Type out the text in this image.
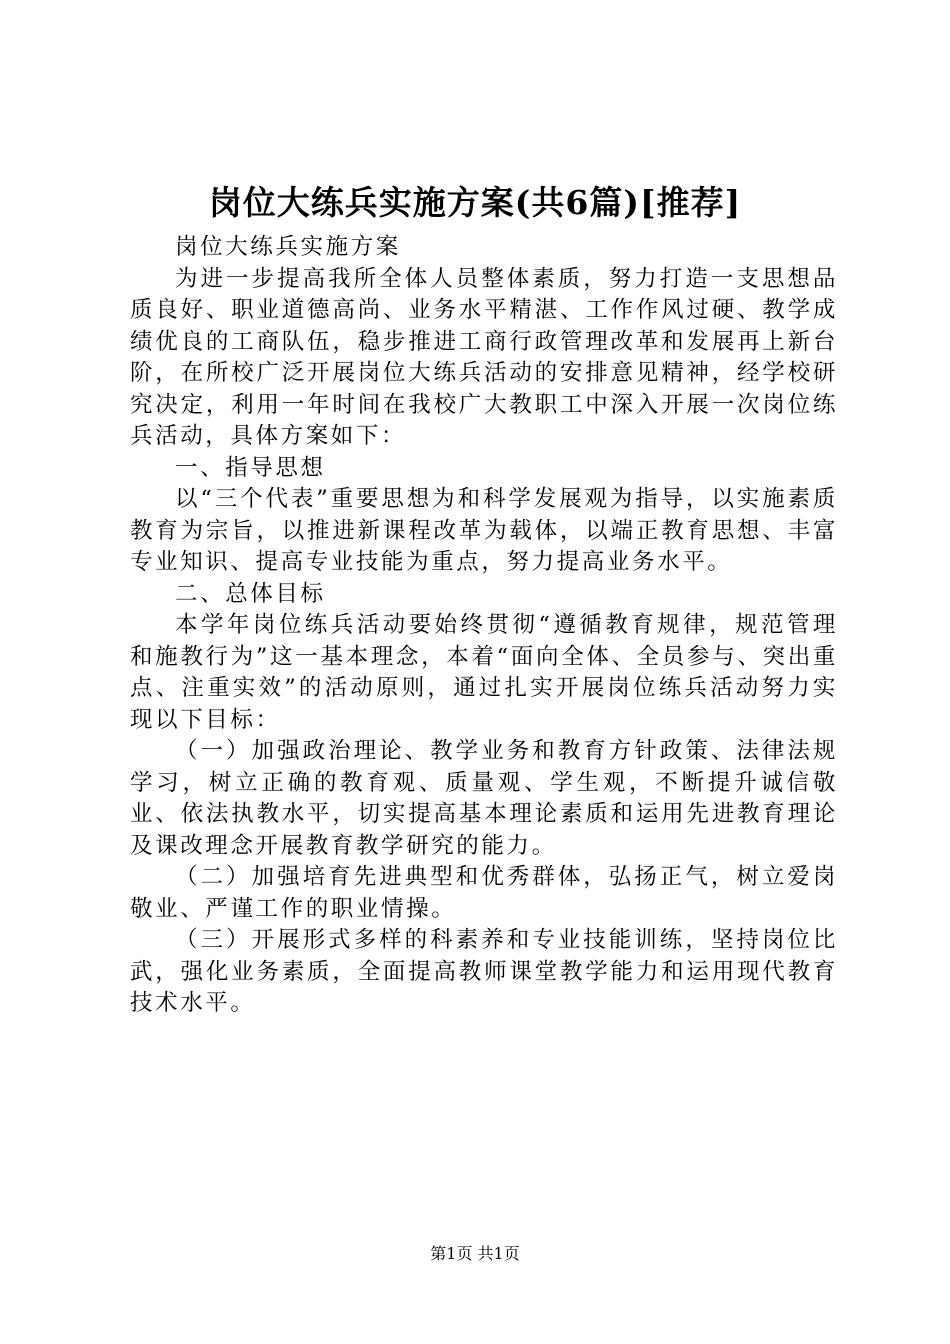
岗位大练兵实施方案(共6篇)[推荐]

岗位大练兵实施方案

为进一步提高我所全体人员整体素质，努力打造一支思想品质良好、职业道德高尚、业务水平精湛、工作作风过硬、教学成绩优良的工商队伍，稳步推进工商行政管理改革和发展再上新台阶，在所校广泛开展岗位大练兵活动的安排意见精神，经学校研究决定，利用一年时间在我校广大教职工中深入开展一次岗位练兵活动，具体方案如下：

一、指导思想

以“三个代表”重要思想为和科学发展观为指导，以实施素质教育为宗旨，以推进新课程改革为载体，以端正教育思想、丰富专业知识、提高专业技能为重点，努力提高业务水平。

二、总体目标

本学年岗位练兵活动要始终贯彻“遵循教育规律，规范管理和施教行为”这一基本理念，本着“面向全体、全员参与、突出重点、注重实效”的活动原则，通过扎实开展岗位练兵活动努力实现以下目标：

（一）加强政治理论、教学业务和教育方针政策、法律法规学习，树立正确的教育观、质量观、学生观，不断提升诚信敬业、依法执教水平，切实提高基本理论素质和运用先进教育理论及课改理念开展教育教学研究的能力。

（二）加强培育先进典型和优秀群体，弘扬正气，树立爱岗敬业、严谨工作的职业情操。

（三）开展形式多样的科素养和专业技能训练，坚持岗位比武，强化业务素质，全面提高教师课堂教学能力和运用现代教育技术水平。

第1页 共1页
